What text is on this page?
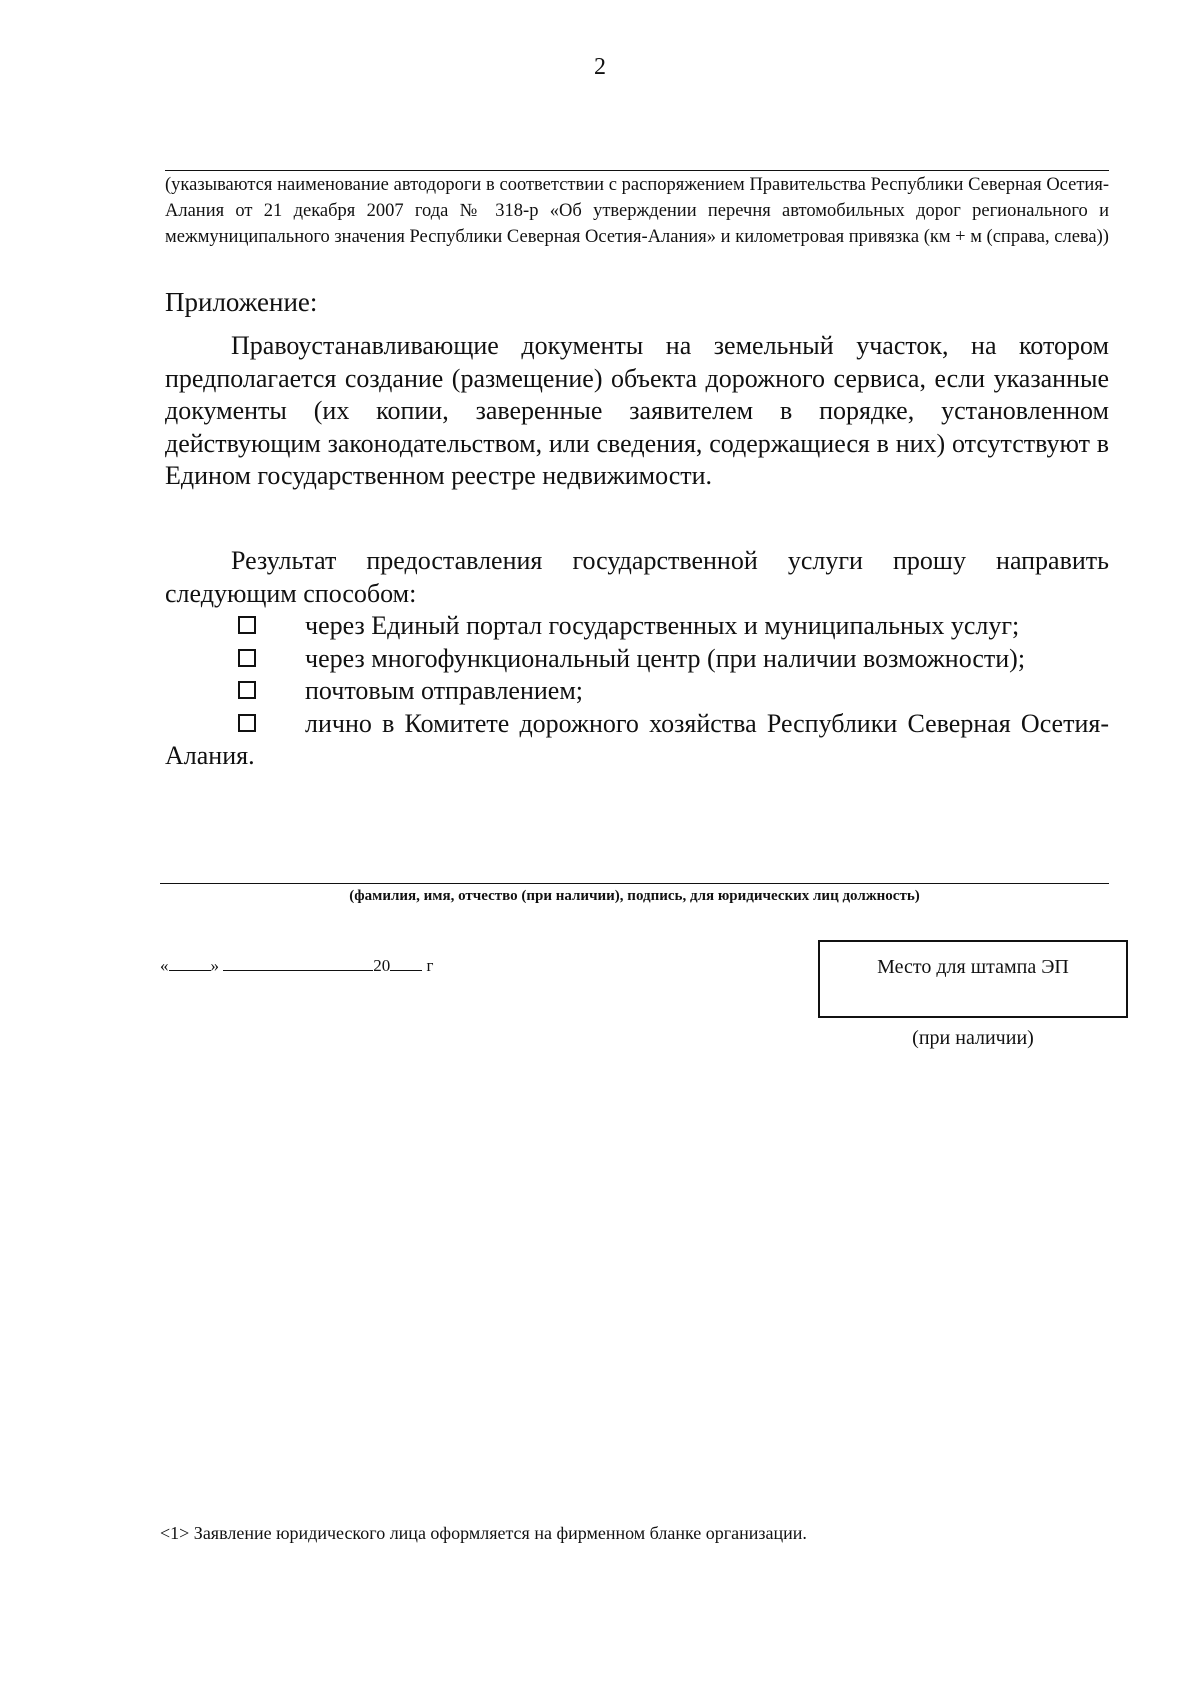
2
(указываются наименование автодороги в соответствии с распоряжением Правительства Республики Северная Осетия-Алания от 21 декабря 2007 года № 318-р «Об утверждении перечня автомобильных дорог регионального и межмуниципального значения Республики Северная Осетия-Алания» и километровая привязка (км + м (справа, слева))
Приложение:
Правоустанавливающие документы на земельный участок, на котором предполагается создание (размещение) объекта дорожного сервиса, если указанные документы (их копии, заверенные заявителем в порядке, установленном действующим законодательством, или сведения, содержащиеся в них) отсутствуют в Едином государственном реестре недвижимости.
Результат предоставления государственной услуги прошу направить следующим способом:
через Единый портал государственных и муниципальных услуг;
через многофункциональный центр (при наличии возможности);
почтовым отправлением;
лично в Комитете дорожного хозяйства Республики Северная Осетия-Алания.
(фамилия, имя, отчество (при наличии), подпись, для юридических лиц должность)
« »	20 г	Место для штампа ЭП
(при наличии)
<1> Заявление юридического лица оформляется на фирменном бланке организации.
